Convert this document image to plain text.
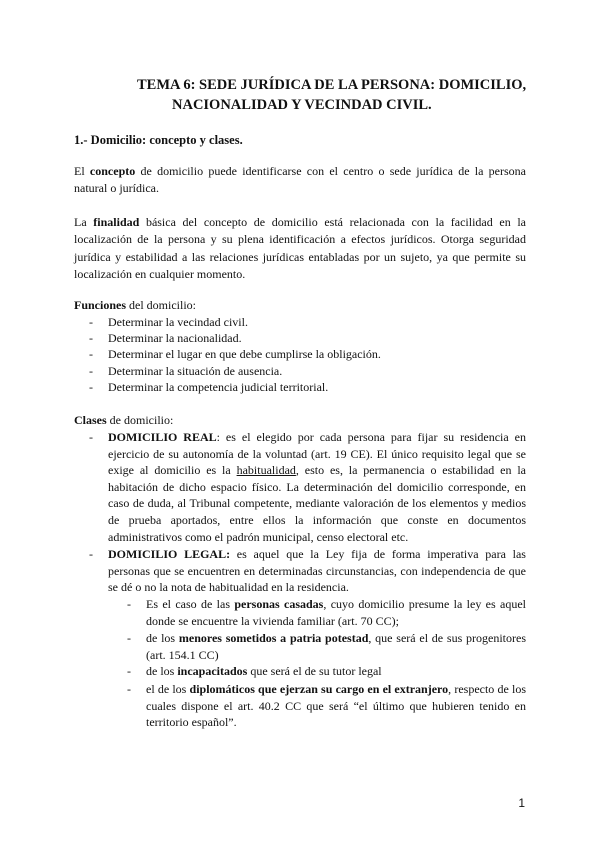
TEMA 6: SEDE JURÍDICA DE LA PERSONA: DOMICILIO,
NACIONALIDAD Y VECINDAD CIVIL.
1.- Domicilio: concepto y clases.

El concepto de domicilio puede identificarse con el centro o sede jurídica de la persona natural o jurídica.

La finalidad básica del concepto de domicilio está relacionada con la facilidad en la localización de la persona y su plena identificación a efectos jurídicos. Otorga seguridad jurídica y estabilidad a las relaciones jurídicas entabladas por un sujeto, ya que permite su localización en cualquier momento.

Funciones del domicilio:

- Determinar la vecindad civil.
- Determinar la nacionalidad.
- Determinar el lugar en que debe cumplirse la obligación.
- Determinar la situación de ausencia.
- Determinar la competencia judicial territorial.

Clases de domicilio:

- DOMICILIO REAL: es el elegido por cada persona para fijar su residencia en ejercicio de su autonomía de la voluntad (art. 19 CE). El único requisito legal que se exige al domicilio es la habitualidad, esto es, la permanencia o estabilidad en la habitación de dicho espacio físico. La determinación del domicilio corresponde, en caso de duda, al Tribunal competente, mediante valoración de los elementos y medios de prueba aportados, entre ellos la información que conste en documentos administrativos como el padrón municipal, censo electoral etc.

- DOMICILIO LEGAL: es aquel que la Ley fija de forma imperativa para las personas que se encuentren en determinadas circunstancias, con independencia de que se dé o no la nota de habitualidad en la residencia.

- Es el caso de las personas casadas, cuyo domicilio presume la ley es aquel donde se encuentre la vivienda familiar (art. 70 CC);

- de los menores sometidos a patria potestad, que será el de sus progenitores (art. 154.1 CC)

- de los incapacitados que será el de su tutor legal

- el de los diplomáticos que ejerzan su cargo en el extranjero, respecto de los cuales dispone el art. 40.2 CC que será “el último que hubieren tenido en territorio español”.

1
